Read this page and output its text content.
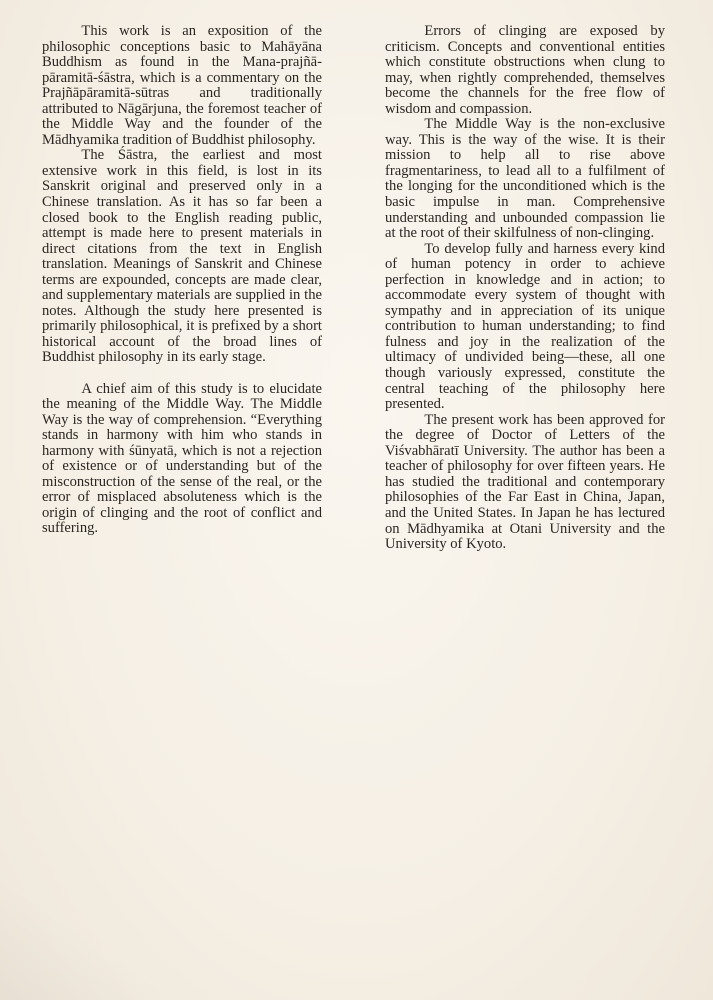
This work is an exposition of the philosophic conceptions basic to Mahāyāna Buddhism as found in the Mana-prajñāpāramitā-śāstra, which is a commentary on the Prajñāpāramitā-sūtras and traditionally attributed to Nāgārjuna, the foremost teacher of the Middle Way and the founder of the Mādhyamika tradition of Buddhist philosophy.

The Śāstra, the earliest and most extensive work in this field, is lost in its Sanskrit original and preserved only in a Chinese translation. As it has so far been a closed book to the English reading public, attempt is made here to present materials in direct citations from the text in English translation. Meanings of Sanskrit and Chinese terms are expounded, concepts are made clear, and supplementary materials are supplied in the notes. Although the study here presented is primarily philosophical, it is prefixed by a short historical account of the broad lines of Buddhist philosophy in its early stage.

A chief aim of this study is to elucidate the meaning of the Middle Way. The Middle Way is the way of comprehension. “Everything stands in harmony with him who stands in harmony with śūnyatā, which is not a rejection of existence or of understanding but of the misconstruction of the sense of the real, or the error of misplaced absoluteness which is the origin of clinging and the root of conflict and suffering.

Errors of clinging are exposed by criticism. Concepts and conventional entities which constitute obstructions when clung to may, when rightly comprehended, themselves become the channels for the free flow of wisdom and compassion.

The Middle Way is the non-exclusive way. This is the way of the wise. It is their mission to help all to rise above fragmentariness, to lead all to a fulfilment of the longing for the unconditioned which is the basic impulse in man. Comprehensive understanding and unbounded compassion lie at the root of their skilfulness of non-clinging.

To develop fully and harness every kind of human potency in order to achieve perfection in knowledge and in action; to accommodate every system of thought with sympathy and in appreciation of its unique contribution to human understanding; to find fulness and joy in the realization of the ultimacy of undivided being—these, all one though variously expressed, constitute the central teaching of the philosophy here presented.

The present work has been approved for the degree of Doctor of Letters of the Viśvabhāratī University. The author has been a teacher of philosophy for over fifteen years. He has studied the traditional and contemporary philosophies of the Far East in China, Japan, and the United States. In Japan he has lectured on Mādhyamika at Otani University and the University of Kyoto.
